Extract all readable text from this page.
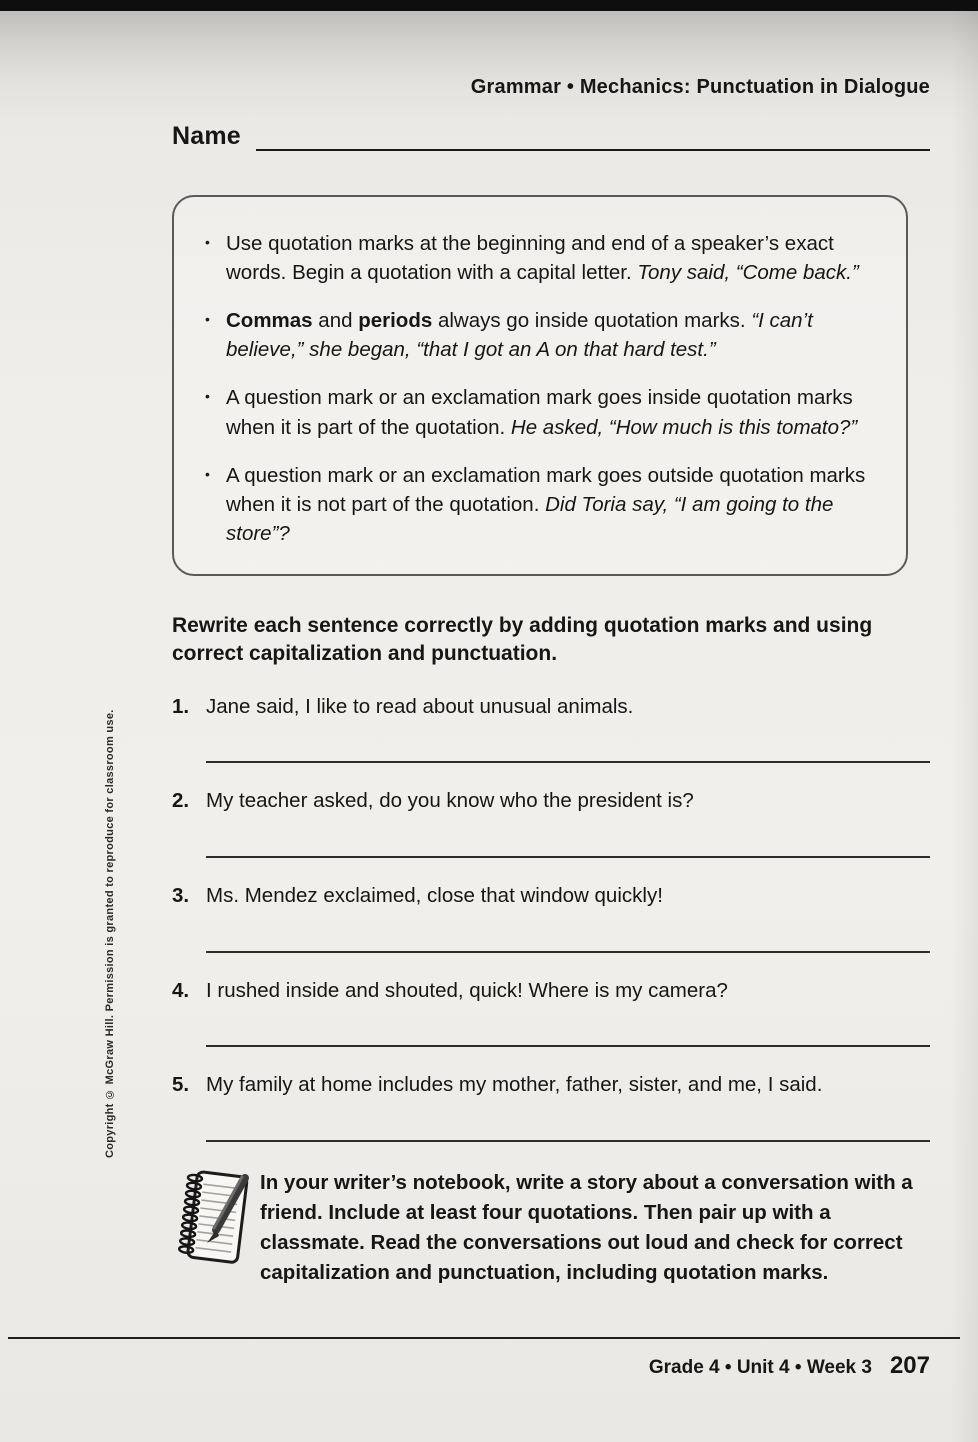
Copyright © McGraw Hill. Permission is granted to reproduce for classroom use.
Grammar • Mechanics: Punctuation in Dialogue
Name
• Use quotation marks at the beginning and end of a speaker’s exact words. Begin a quotation with a capital letter. Tony said, “Come back.”
• Commas and periods always go inside quotation marks. “I can’t believe,” she began, “that I got an A on that hard test.”
• A question mark or an exclamation mark goes inside quotation marks when it is part of the quotation. He asked, “How much is this tomato?”
• A question mark or an exclamation mark goes outside quotation marks when it is not part of the quotation. Did Toria say, “I am going to the store”?
Rewrite each sentence correctly by adding quotation marks and using correct capitalization and punctuation.
1. Jane said, I like to read about unusual animals.
2. My teacher asked, do you know who the president is?
3. Ms. Mendez exclaimed, close that window quickly!
4. I rushed inside and shouted, quick! Where is my camera?
5. My family at home includes my mother, father, sister, and me, I said.

In your writer’s notebook, write a story about a conversation with a friend. Include at least four quotations. Then pair up with a classmate. Read the conversations out loud and check for correct capitalization and punctuation, including quotation marks.

Grade 4 • Unit 4 • Week 3 207
